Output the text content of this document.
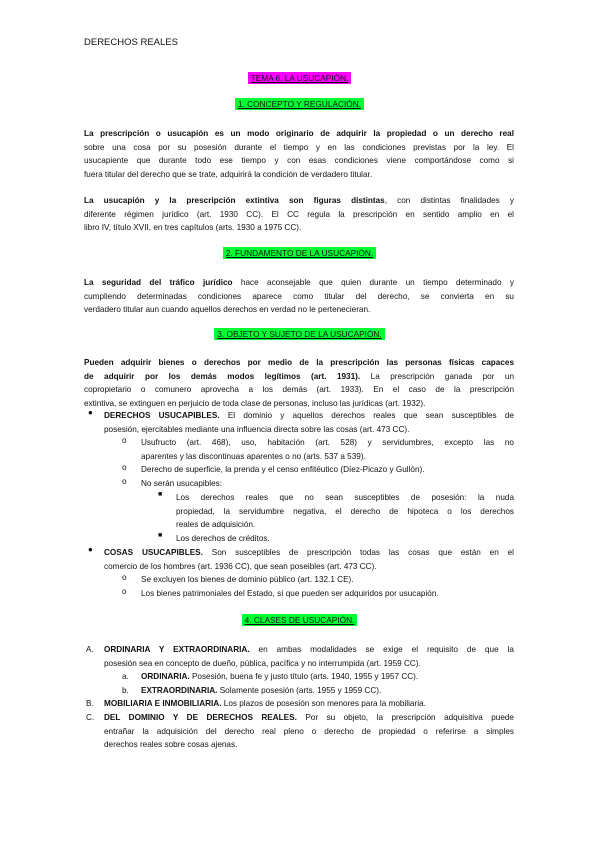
DERECHOS REALES
TEMA 6. LA USUCAPIÓN.
1. CONCEPTO Y REGULACIÓN.
La prescripción o usucapión es un modo originario de adquirir la propiedad o un derecho real
sobre una cosa por su posesión durante el tiempo y en las condiciones previstas por la ley. El
usucapiente que durante todo ese tiempo y con esas condiciones viene comportándose como si
fuera titular del derecho que se trate, adquirirá la condición de verdadero titular.
La usucapión y la prescripción extintiva son figuras distintas, con distintas finalidades y
diferente régimen jurídico (art. 1930 CC). El CC regula la prescripción en sentido amplio en el
libro IV, título XVII, en tres capítulos (arts. 1930 a 1975 CC).
2. FUNDAMENTO DE LA USUCAPIÓN.
La seguridad del tráfico jurídico hace aconsejable que quien durante un tiempo determinado y
cumpliendo determinadas condiciones aparece como titular del derecho, se convierta en su
verdadero titular aun cuando aquellos derechos en verdad no le pertenecieran.
3. OBJETO Y SUJETO DE LA USUCAPIÓN.
Pueden adquirir bienes o derechos por medio de la prescripción las personas físicas capaces
de adquirir por los demás modos legítimos (art. 1931). La prescripción ganada por un
copropietario o comunero aprovecha a los demás (art. 1933). En el caso de la prescripción
extintiva, se extinguen en perjuicio de toda clase de personas, incluso las jurídicas (art. 1932).
● DERECHOS USUCAPIBLES. El dominio y aquellos derechos reales que sean susceptibles de
posesión, ejercitables mediante una influencia directa sobre las cosas (art. 473 CC).
o Usufructo (art. 468), uso, habitación (art. 528) y servidumbres, excepto las no
aparentes y las discontinuas aparentes o no (arts. 537 a 539).
o Derecho de superficie, la prenda y el censo enfitéutico (Díez-Picazo y Gullón).
o No serán usucapibles:
■ Los derechos reales que no sean susceptibles de posesión: la nuda
propiedad, la servidumbre negativa, el derecho de hipoteca o los derechos
reales de adquisición.
■ Los derechos de créditos.
● COSAS USUCAPIBLES. Son susceptibles de prescripción todas las cosas que están en el
comercio de los hombres (art. 1936 CC), que sean poseibles (art. 473 CC).
o Se excluyen los bienes de dominio público (art. 132.1 CE).
o Los bienes patrimoniales del Estado, sí que pueden ser adquiridos por usucapión.
4. CLASES DE USUCAPIÓN.
A. ORDINARIA Y EXTRAORDINARIA. en ambas modalidades se exige el requisito de que la
posesión sea en concepto de dueño, pública, pacífica y no interrumpida (art. 1959 CC).
a. ORDINARIA. Posesión, buena fe y justo título (arts. 1940, 1955 y 1957 CC).
b. EXTRAORDINARIA. Solamente posesión (arts. 1955 y 1959 CC).
B. MOBILIARIA E INMOBILIARIA. Los plazos de posesión son menores para la mobiliaria.
C. DEL DOMINIO Y DE DERECHOS REALES. Por su objeto, la prescripción adquisitiva puede
entrañar la adquisición del derecho real pleno o derecho de propiedad o referirse a simples
derechos reales sobre cosas ajenas.
